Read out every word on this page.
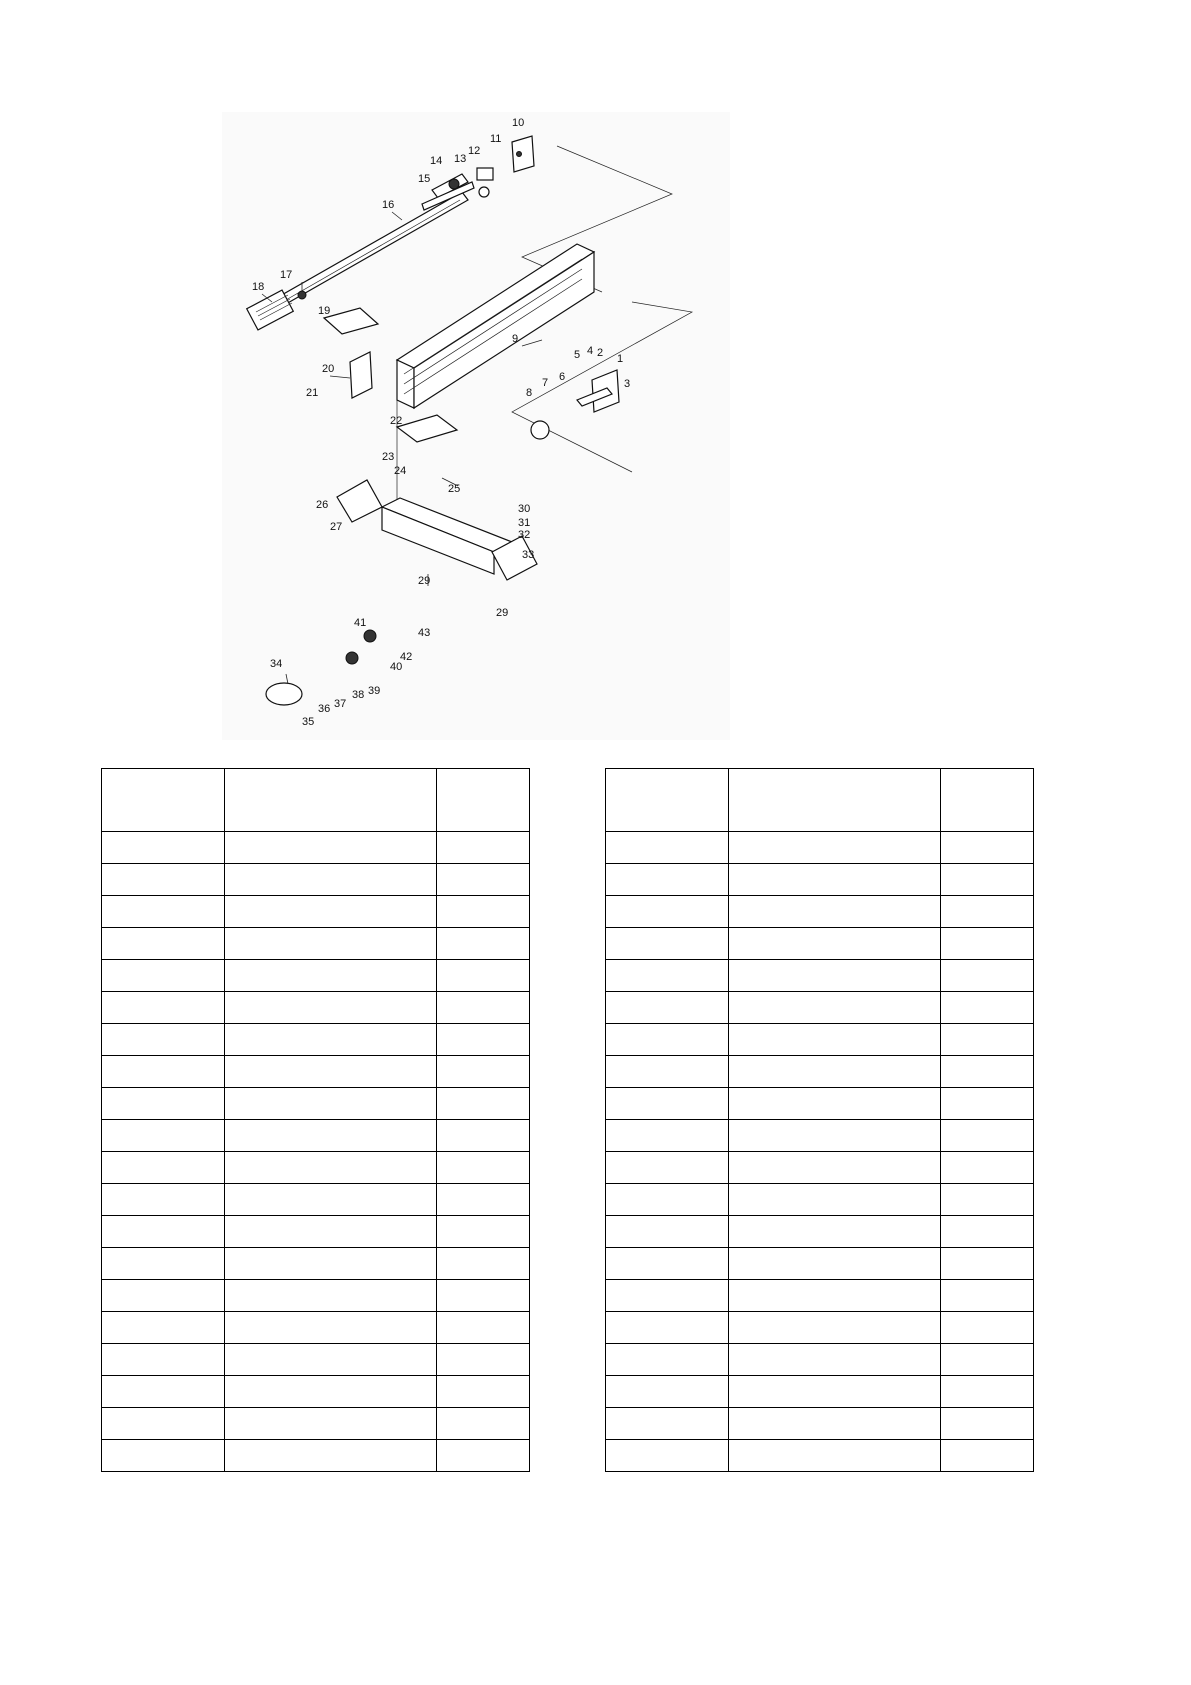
1
2
3
4
5
6
7
8
9
10
11
12
13
14
15
16
17
18
19
20
21
22
23
24
25
26
27
29
29
30
31
32
33
34
35
36 37
38 39
40
41
42
43
